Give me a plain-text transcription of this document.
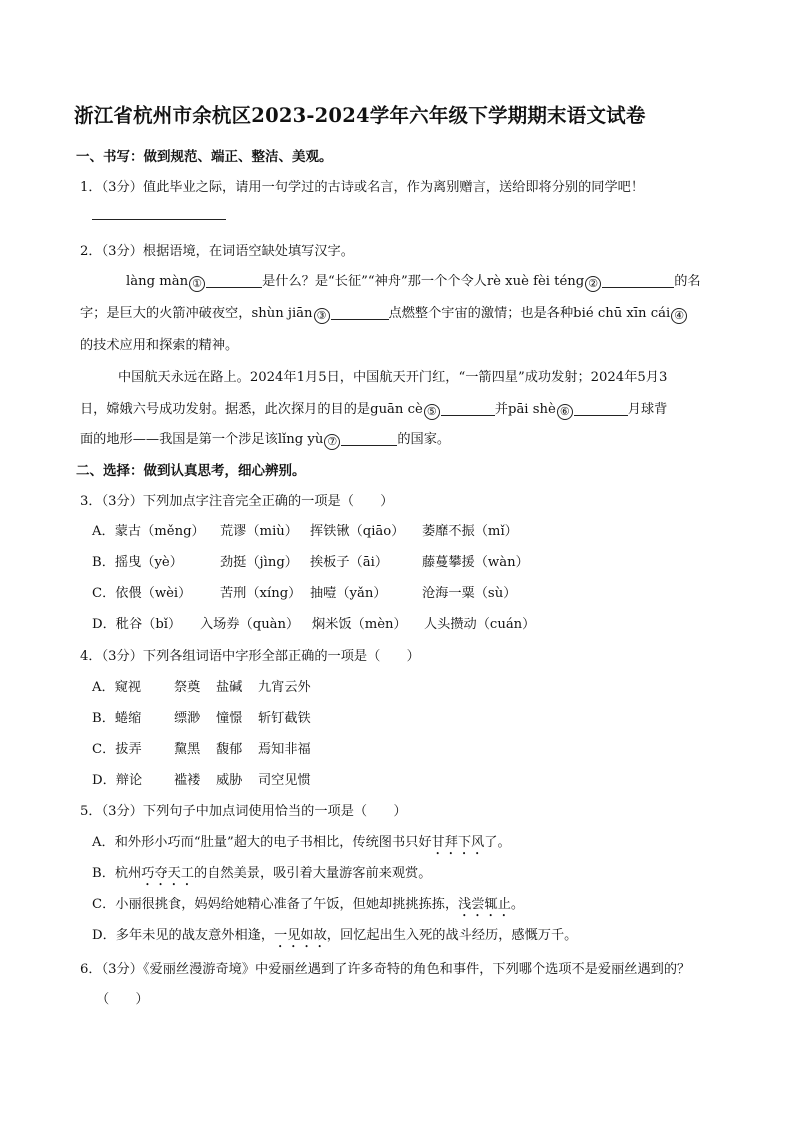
浙江省杭州市余杭区2023-2024学年六年级下学期期末语文试卷
一、书写：做到规范、端正、整洁、美观。
1．（3分）值此毕业之际，请用一句学过的古诗或名言，作为离别赠言，送给即将分别的同学吧！
2．（3分）根据语境，在词语空缺处填写汉字。
làng màn ①	是什么？是“长征”“神舟”那一个个令人rè xuè fèi téng ②	的名
字；是巨大的火箭冲破夜空，shùn jiān ③	点燃整个宇宙的激情；也是各种bié chū xīn cái ④
的技术应用和探索的精神。
中国航天永远在路上。2024年1月5日，中国航天开门红，“一箭四星”成功发射；2024年5月3
日，嫦娥六号成功发射。据悉，此次探月的目的是guān cè ⑤	并pāi shè ⑥	月球背
面的地形——我国是第一个涉足该lǐng yù ⑦	的国家。
二、选择：做到认真思考，细心辨别。
3．（3分）下列加点字注音完全正确的一项是（　　）
A．蒙古（měng） 荒谬（miù） 挥铁锹（qiāo） 萎靡不振（mǐ）
B．摇曳（yè）	劲挺（jìng） 挨板子（āi）	藤蔓攀援（wàn）
C．依偎（wèi） 苦刑（xíng） 抽噎（yǎn）	沧海一粟（sù）
D．秕谷（bǐ） 入场券（quàn） 焖米饭（mèn） 人头攒动（cuán）
4．（3分）下列各组词语中字形全部正确的一项是（　　）
A．窥视 祭奠 盐碱 九宵云外
B．蜷缩 缥渺 憧憬 斩钉截铁
C．拔弄 黧黑 馥郁 焉知非福
D．辩论 褴褛 威胁 司空见惯
5．（3分）下列句子中加点词使用恰当的一项是（　　）
A．和外形小巧而“肚量”超大的电子书相比，传统图书只好甘拜下风了。
B．杭州巧夺天工的自然美景，吸引着大量游客前来观赏。
C．小丽很挑食，妈妈给她精心准备了午饭，但她却挑挑拣拣，浅尝辄止。
D．多年未见的战友意外相逢，一见如故，回忆起出生入死的战斗经历，感慨万千。
6．（3分）《爱丽丝漫游奇境》中爱丽丝遇到了许多奇特的角色和事件，下列哪个选项不是爱丽丝遇到的？
（　　）
